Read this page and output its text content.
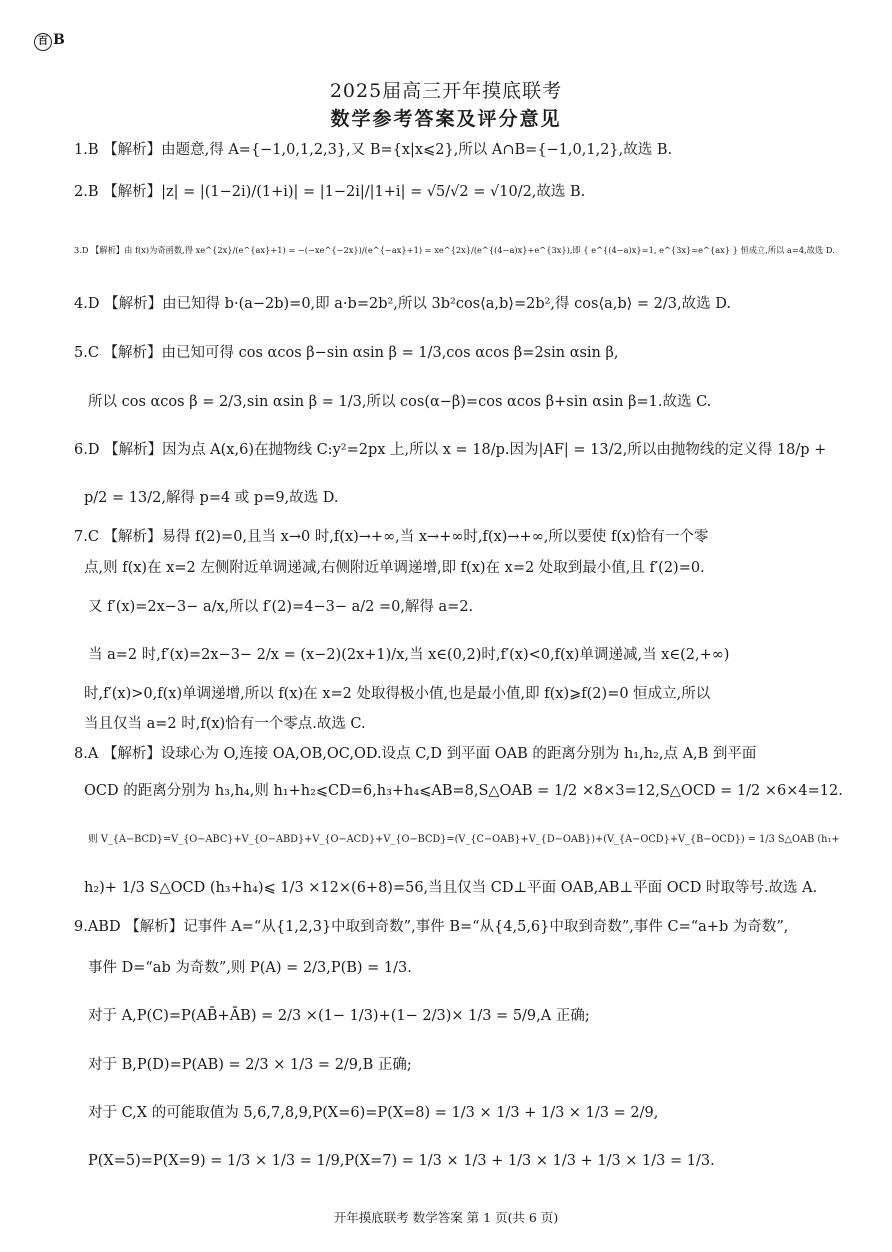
百 B
2025届高三开年摸底联考
数学参考答案及评分意见
1.B 【解析】由题意,得 A={−1,0,1,2,3},又 B={x|x⩽2},所以 A∩B={−1,0,1,2},故选 B.
2.B 【解析】|z| = |(1−2i)/(1+i)| = |1−2i|/|1+i| = √5/√2 = √10/2,故选 B.
3.D 【解析】由 f(x)为奇函数,得 xe^{2x}/(e^{ax}+1) = −(−xe^{−2x})/(e^{−ax}+1) = xe^{2x}/(e^{(4−a)x}+e^{3x}),即 { e^{(4−a)x}=1, e^{3x}=e^{ax} } 恒成立,所以 a=4,故选 D.
4.D 【解析】由已知得 b·(a−2b)=0,即 a·b=2b²,所以 3b²cos⟨a,b⟩=2b²,得 cos⟨a,b⟩ = 2/3,故选 D.
5.C 【解析】由已知可得 cos αcos β−sin αsin β = 1/3,cos αcos β=2sin αsin β,
所以 cos αcos β = 2/3,sin αsin β = 1/3,所以 cos(α−β)=cos αcos β+sin αsin β=1.故选 C.
6.D 【解析】因为点 A(x,6)在抛物线 C:y²=2px 上,所以 x = 18/p.因为|AF| = 13/2,所以由抛物线的定义得 18/p +
p/2 = 13/2,解得 p=4 或 p=9,故选 D.
7.C 【解析】易得 f(2)=0,且当 x→0 时,f(x)→+∞,当 x→+∞时,f(x)→+∞,所以要使 f(x)恰有一个零
点,则 f(x)在 x=2 左侧附近单调递减,右侧附近单调递增,即 f(x)在 x=2 处取到最小值,且 f′(2)=0.
又 f′(x)=2x−3− a/x,所以 f′(2)=4−3− a/2 =0,解得 a=2.
当 a=2 时,f′(x)=2x−3− 2/x = (x−2)(2x+1)/x,当 x∈(0,2)时,f′(x)<0,f(x)单调递减,当 x∈(2,+∞)
时,f′(x)>0,f(x)单调递增,所以 f(x)在 x=2 处取得极小值,也是最小值,即 f(x)⩾f(2)=0 恒成立,所以
当且仅当 a=2 时,f(x)恰有一个零点.故选 C.
8.A 【解析】设球心为 O,连接 OA,OB,OC,OD.设点 C,D 到平面 OAB 的距离分别为 h₁,h₂,点 A,B 到平面
OCD 的距离分别为 h₃,h₄,则 h₁+h₂⩽CD=6,h₃+h₄⩽AB=8,S△OAB = 1/2 ×8×3=12,S△OCD = 1/2 ×6×4=12.
则 V_{A−BCD}=V_{O−ABC}+V_{O−ABD}+V_{O−ACD}+V_{O−BCD}=(V_{C−OAB}+V_{D−OAB})+(V_{A−OCD}+V_{B−OCD}) = 1/3 S△OAB (h₁+
h₂)+ 1/3 S△OCD (h₃+h₄)⩽ 1/3 ×12×(6+8)=56,当且仅当 CD⊥平面 OAB,AB⊥平面 OCD 时取等号.故选 A.
9.ABD 【解析】记事件 A=“从{1,2,3}中取到奇数”,事件 B=“从{4,5,6}中取到奇数”,事件 C=“a+b 为奇数”,
事件 D=“ab 为奇数”,则 P(A) = 2/3,P(B) = 1/3.
对于 A,P(C)=P(AB̄+ĀB) = 2/3 ×(1− 1/3)+(1− 2/3)× 1/3 = 5/9,A 正确;
对于 B,P(D)=P(AB) = 2/3 × 1/3 = 2/9,B 正确;
对于 C,X 的可能取值为 5,6,7,8,9,P(X=6)=P(X=8) = 1/3 × 1/3 + 1/3 × 1/3 = 2/9,
P(X=5)=P(X=9) = 1/3 × 1/3 = 1/9,P(X=7) = 1/3 × 1/3 + 1/3 × 1/3 + 1/3 × 1/3 = 1/3.
开年摸底联考 数学答案 第 1 页(共 6 页)
